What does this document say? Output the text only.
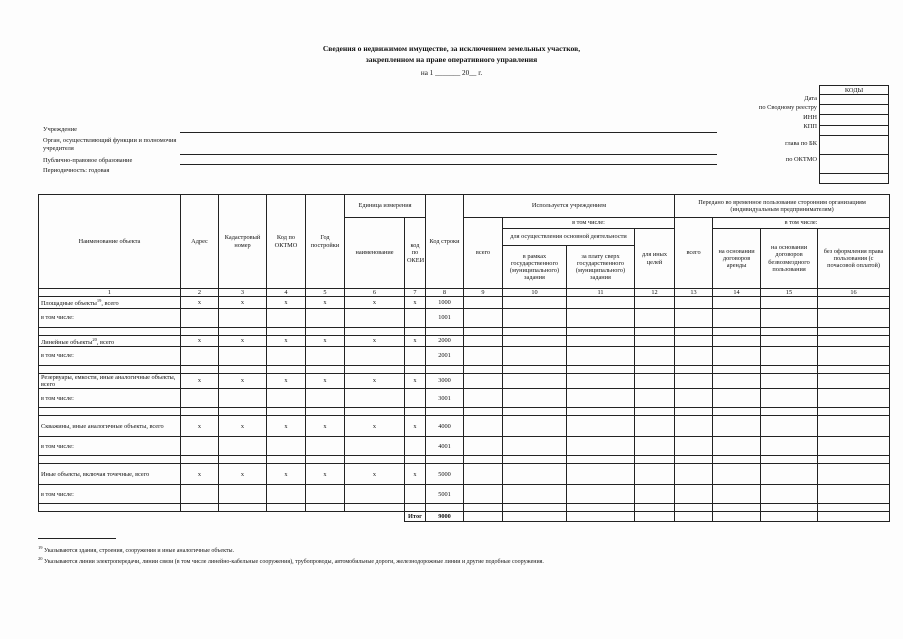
Сведения о недвижимом имуществе, за исключением земельных участков,
закрепленном на праве оперативного управления
на 1 _______ 20__ г.
Дата
по Сводному реестру
ИНН
КПП
глава по БК
по ОКТМО
КОДЫ

Учреждение
Орган, осуществляющий функции и полномочия учредителя
Публично-правовое образование
Периодичность: годовая
Наименование объекта	Адрес	Кадастровый номер	Код по ОКТМО	Год постройки	Единица измерения		Код строки	Используется учреждением				Передано во временное пользование сторонним организациям (индивидуальным предпринимателям)			
					наименование	код по ОКЕИ		всего	в том числе:			всего	в том числе:		
									для осуществления основной деятельности		для иных целей		на основании договоров аренды	на основании договоров безвозмездного пользования	без оформления права пользования (с почасовой оплатой)
									в рамках государственного (муниципального) задания	за плату сверх государственного (муниципального) задания					
1	2	3	4	5	6	7	8	9	10	11	12	13	14	15	16
Площадные объекты$^{19}$, всего	x	x	x	x	x	x	1000								
в том числе:							1001								

Линейные объекты$^{20}$, всего	x	x	x	x	x	x	2000								
в том числе:							2001								

Резервуары, емкости, иные аналогичные объекты, всего	x	x	x	x	x	x	3000								
в том числе:							3001								

Скважины, иные аналогичные объекты, всего	x	x	x	x	x	x	4000								
в том числе:							4001								

Иные объекты, включая точечные, всего	x	x	x	x	x	x	5000								
в том числе:							5001								

						Итог	9000								
$^{19}$ Указываются здания, строения, сооружения и иные аналогичные объекты.
$^{20}$ Указываются линии электропередачи, линии связи (в том числе линейно-кабельные сооружения), трубопроводы, автомобильные дороги, железнодорожные линии и другие подобные сооружения.
